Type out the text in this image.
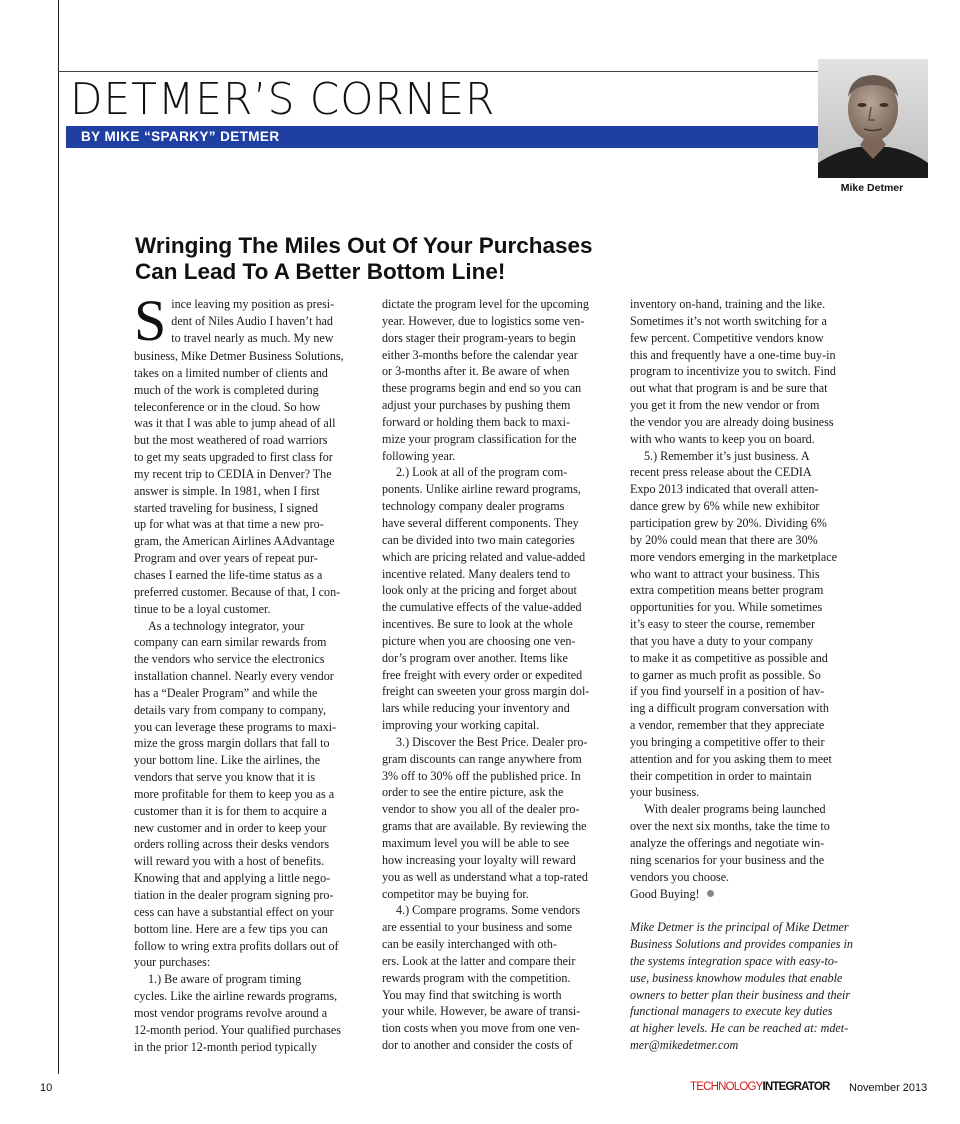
DETMER’S CORNER
BY MIKE “SPARKY” DETMER
Mike Detmer
Wringing The Miles Out Of Your Purchases
Can Lead To A Better Bottom Line!
S ince leaving my position as presi-
dent of Niles Audio I haven’t had
to travel nearly as much. My new
business, Mike Detmer Business Solutions,
takes on a limited number of clients and
much of the work is completed during
teleconference or in the cloud. So how
was it that I was able to jump ahead of all
but the most weathered of road warriors
to get my seats upgraded to first class for
my recent trip to CEDIA in Denver? The
answer is simple. In 1981, when I first
started traveling for business, I signed
up for what was at that time a new pro-
gram, the American Airlines AAdvantage
Program and over years of repeat pur-
chases I earned the life-time status as a
preferred customer. Because of that, I con-
tinue to be a loyal customer.
As a technology integrator, your
company can earn similar rewards from
the vendors who service the electronics
installation channel. Nearly every vendor
has a “Dealer Program” and while the
details vary from company to company,
you can leverage these programs to maxi-
mize the gross margin dollars that fall to
your bottom line. Like the airlines, the
vendors that serve you know that it is
more profitable for them to keep you as a
customer than it is for them to acquire a
new customer and in order to keep your
orders rolling across their desks vendors
will reward you with a host of benefits.
Knowing that and applying a little nego-
tiation in the dealer program signing pro-
cess can have a substantial effect on your
bottom line. Here are a few tips you can
follow to wring extra profits dollars out of
your purchases:
1.) Be aware of program timing
cycles. Like the airline rewards programs,
most vendor programs revolve around a
12-month period. Your qualified purchases
in the prior 12-month period typically
dictate the program level for the upcoming
year. However, due to logistics some ven-
dors stager their program-years to begin
either 3-months before the calendar year
or 3-months after it. Be aware of when
these programs begin and end so you can
adjust your purchases by pushing them
forward or holding them back to maxi-
mize your program classification for the
following year.
2.) Look at all of the program com-
ponents. Unlike airline reward programs,
technology company dealer programs
have several different components. They
can be divided into two main categories
which are pricing related and value-added
incentive related. Many dealers tend to
look only at the pricing and forget about
the cumulative effects of the value-added
incentives. Be sure to look at the whole
picture when you are choosing one ven-
dor’s program over another. Items like
free freight with every order or expedited
freight can sweeten your gross margin dol-
lars while reducing your inventory and
improving your working capital.
3.) Discover the Best Price. Dealer pro-
gram discounts can range anywhere from
3% off to 30% off the published price. In
order to see the entire picture, ask the
vendor to show you all of the dealer pro-
grams that are available. By reviewing the
maximum level you will be able to see
how increasing your loyalty will reward
you as well as understand what a top-rated
competitor may be buying for.
4.) Compare programs. Some vendors
are essential to your business and some
can be easily interchanged with oth-
ers. Look at the latter and compare their
rewards program with the competition.
You may find that switching is worth
your while. However, be aware of transi-
tion costs when you move from one ven-
dor to another and consider the costs of
inventory on-hand, training and the like.
Sometimes it’s not worth switching for a
few percent. Competitive vendors know
this and frequently have a one-time buy-in
program to incentivize you to switch. Find
out what that program is and be sure that
you get it from the new vendor or from
the vendor you are already doing business
with who wants to keep you on board.
5.) Remember it’s just business. A
recent press release about the CEDIA
Expo 2013 indicated that overall atten-
dance grew by 6% while new exhibitor
participation grew by 20%. Dividing 6%
by 20% could mean that there are 30%
more vendors emerging in the marketplace
who want to attract your business. This
extra competition means better program
opportunities for you. While sometimes
it’s easy to steer the course, remember
that you have a duty to your company
to make it as competitive as possible and
to garner as much profit as possible. So
if you find yourself in a position of hav-
ing a difficult program conversation with
a vendor, remember that they appreciate
you bringing a competitive offer to their
attention and for you asking them to meet
their competition in order to maintain
your business.
With dealer programs being launched
over the next six months, take the time to
analyze the offerings and negotiate win-
ning scenarios for your business and the
vendors you choose.
Good Buying!

Mike Detmer is the principal of Mike Detmer
Business Solutions and provides companies in
the systems integration space with easy-to-
use, business knowhow modules that enable
owners to better plan their business and their
functional managers to execute key duties
at higher levels. He can be reached at: mdet-
mer@mikedetmer.com
10	TECHNOLOGYINTEGRATOR November 2013
